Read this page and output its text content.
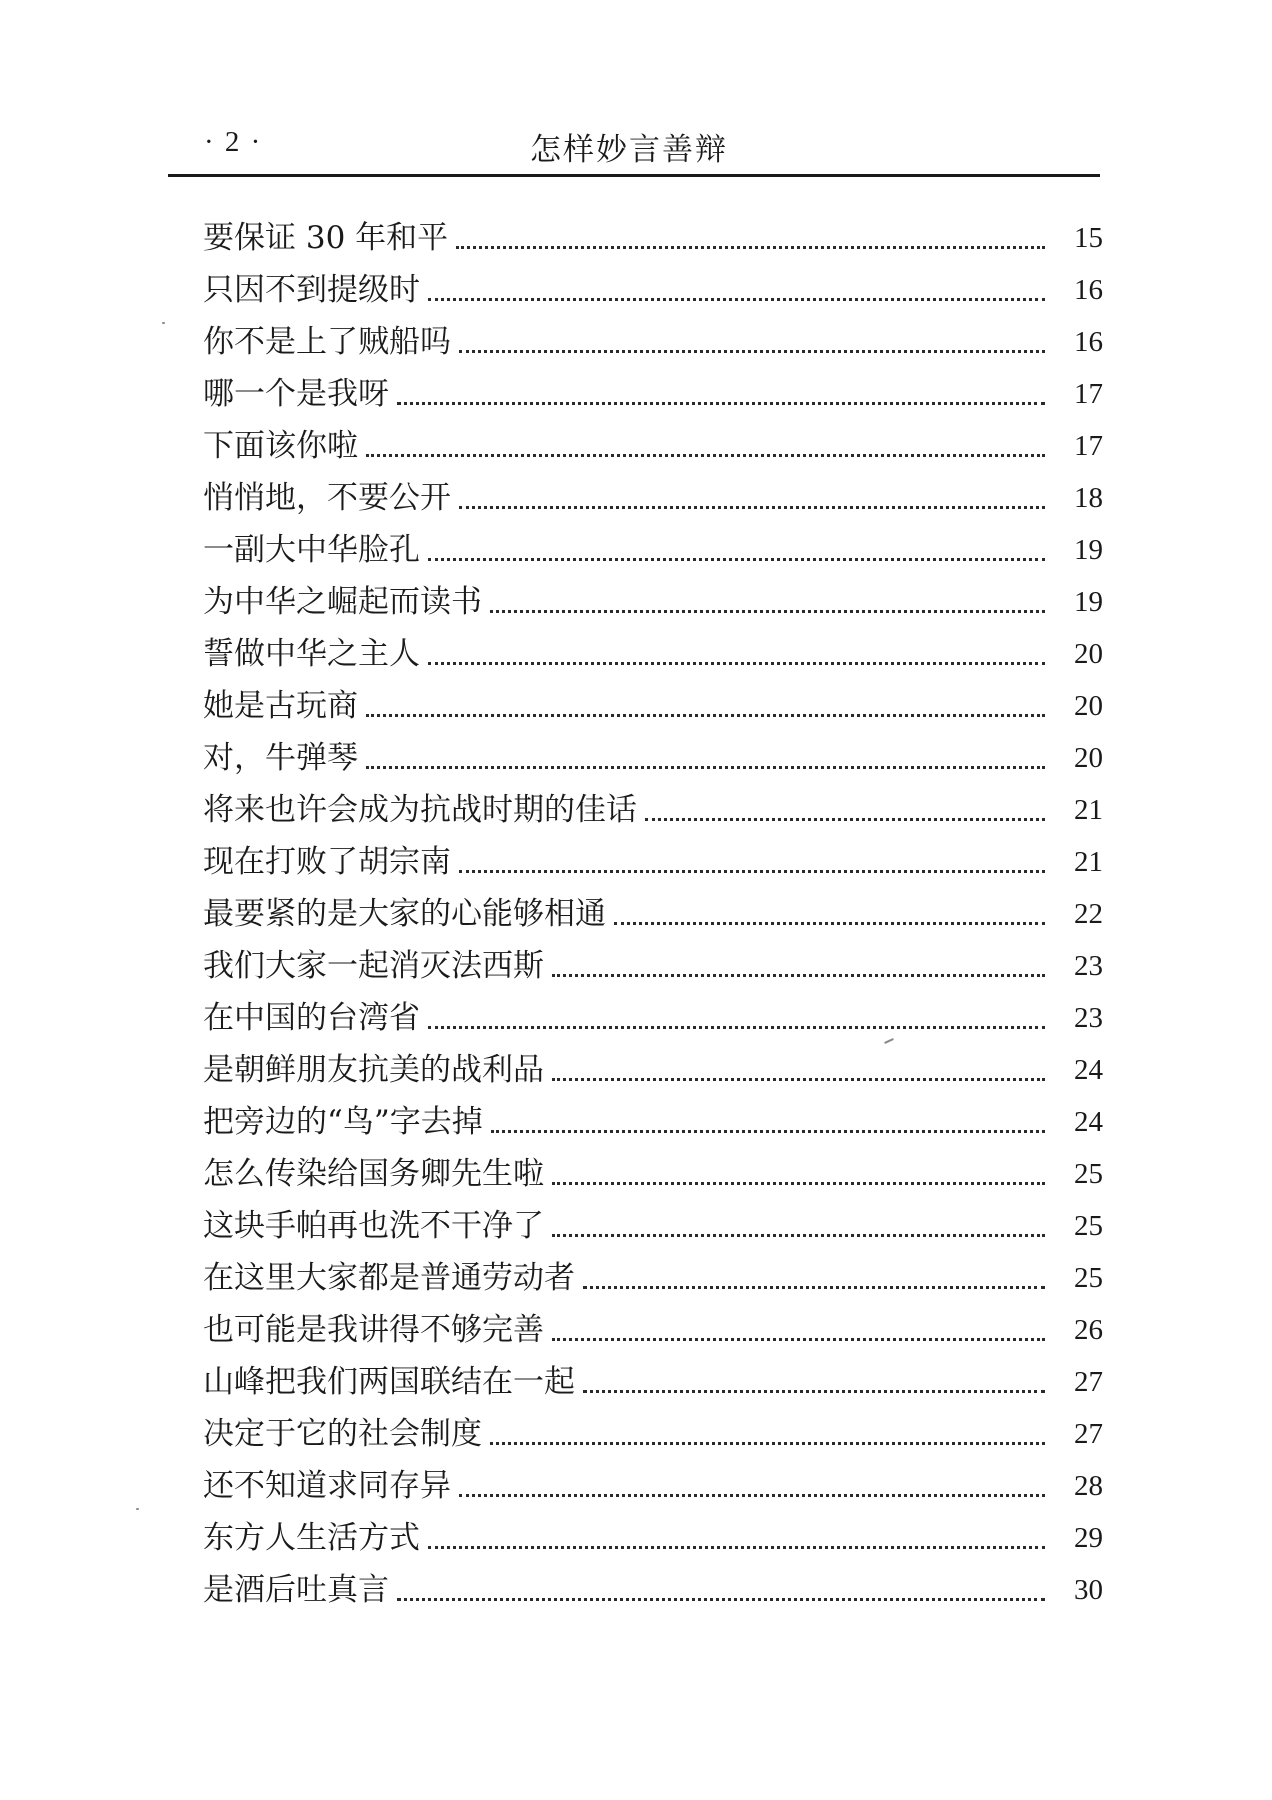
· 2 ·	怎样妙言善辩
要保证 30 年和平	15
只因不到提级时	16
你不是上了贼船吗	16
哪一个是我呀	17
下面该你啦	17
悄悄地，不要公开	18
一副大中华脸孔	19
为中华之崛起而读书	19
誓做中华之主人	20
她是古玩商	20
对，牛弹琴	20
将来也许会成为抗战时期的佳话	21
现在打败了胡宗南	21
最要紧的是大家的心能够相通	22
我们大家一起消灭法西斯	23
在中国的台湾省	23
是朝鲜朋友抗美的战利品	24
把旁边的“鸟”字去掉	24
怎么传染给国务卿先生啦	25
这块手帕再也洗不干净了	25
在这里大家都是普通劳动者	25
也可能是我讲得不够完善	26
山峰把我们两国联结在一起	27
决定于它的社会制度	27
还不知道求同存异	28
东方人生活方式	29
是酒后吐真言	30
